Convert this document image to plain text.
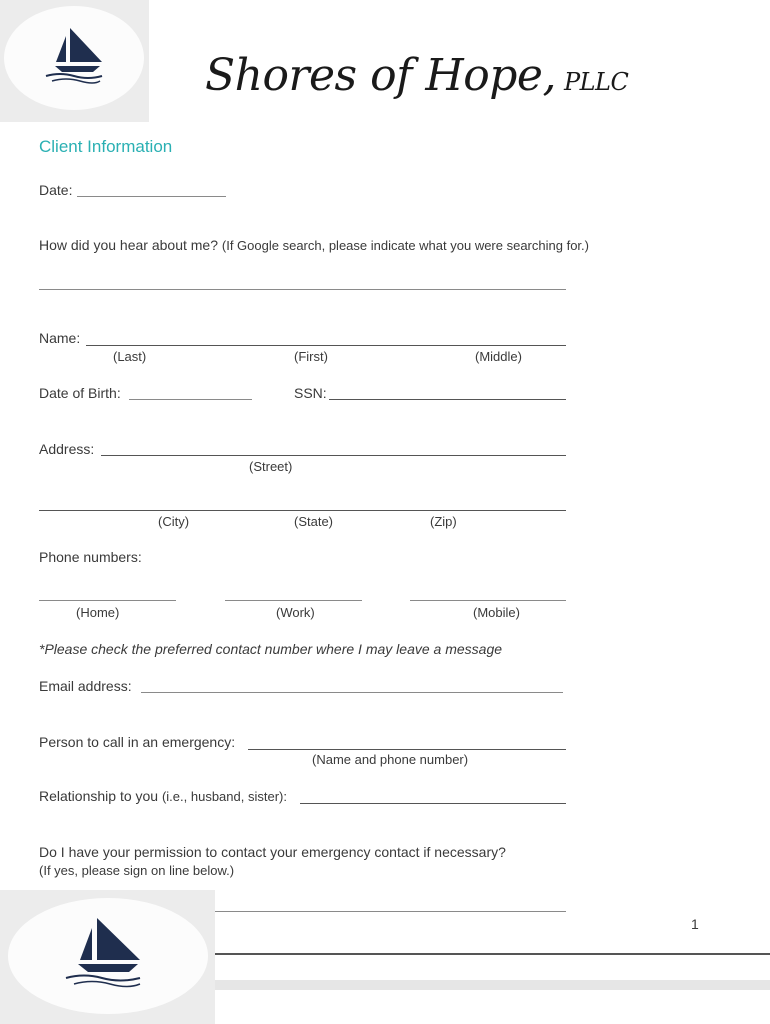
Shores of Hope, PLLC
Client Information
Date:
How did you hear about me? (If Google search, please indicate what you were searching for.)
Name:
(Last)	(First)	(Middle)
Date of Birth:	SSN:
Address:
(Street)
(City)	(State)	(Zip)
Phone numbers:
(Home)	(Work)	(Mobile)
*Please check the preferred contact number where I may leave a message
Email address:
Person to call in an emergency:
(Name and phone number)
Relationship to you (i.e., husband, sister):
Do I have your permission to contact your emergency contact if necessary?
(If yes, please sign on line below.)
1
